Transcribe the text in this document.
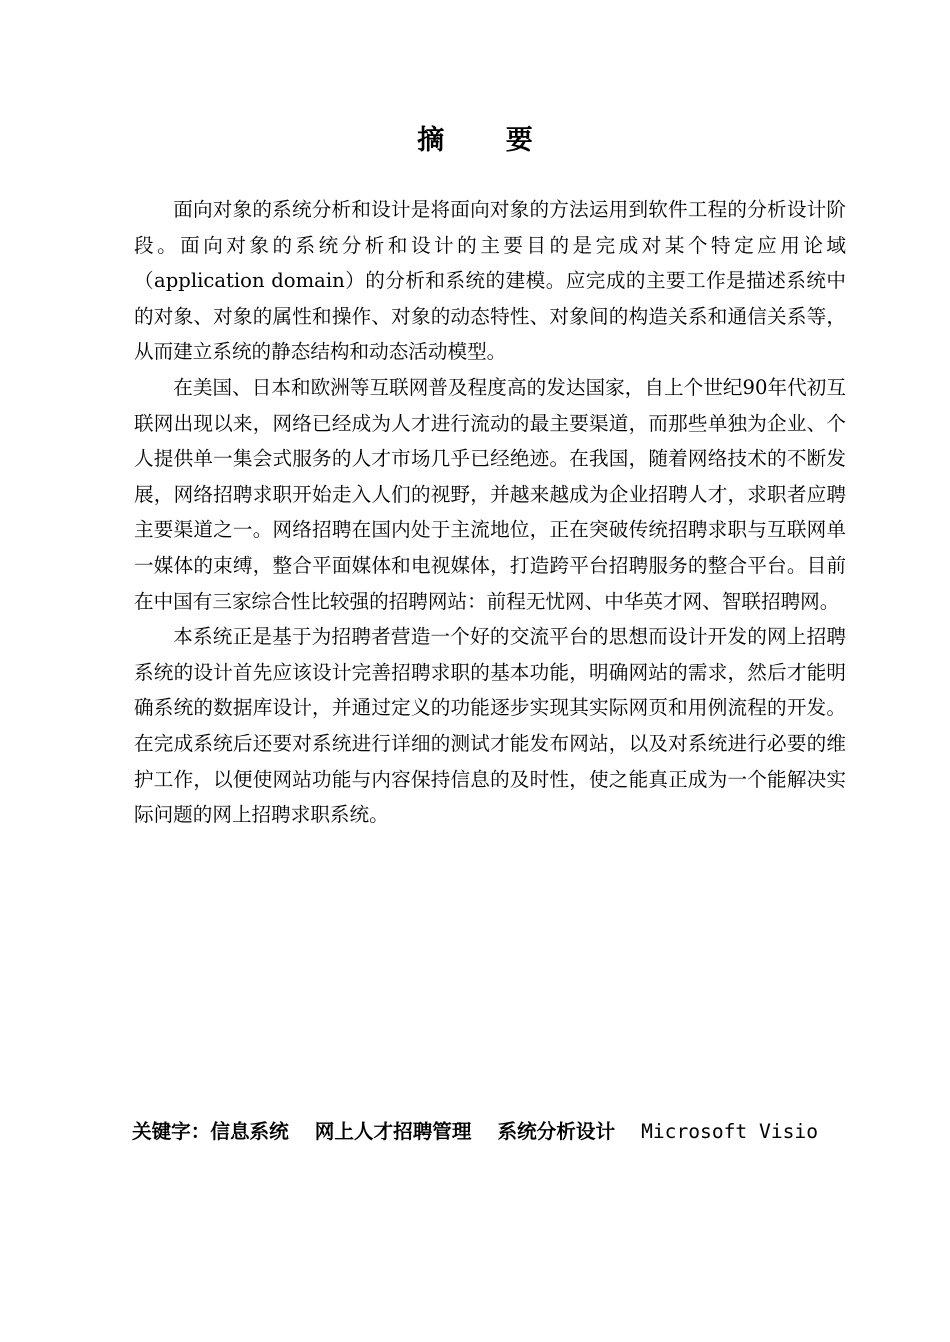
摘 要

面向对象的系统分析和设计是将面向对象的方法运用到软件工程的分析设计阶段。面向对象的系统分析和设计的主要目的是完成对某个特定应用论域（application domain）的分析和系统的建模。应完成的主要工作是描述系统中的对象、对象的属性和操作、对象的动态特性、对象间的构造关系和通信关系等，从而建立系统的静态结构和动态活动模型。

在美国、日本和欧洲等互联网普及程度高的发达国家，自上个世纪90年代初互联网出现以来，网络已经成为人才进行流动的最主要渠道，而那些单独为企业、个人提供单一集会式服务的人才市场几乎已经绝迹。在我国，随着网络技术的不断发展，网络招聘求职开始走入人们的视野，并越来越成为企业招聘人才，求职者应聘主要渠道之一。网络招聘在国内处于主流地位，正在突破传统招聘求职与互联网单一媒体的束缚，整合平面媒体和电视媒体，打造跨平台招聘服务的整合平台。目前在中国有三家综合性比较强的招聘网站：前程无忧网、中华英才网、智联招聘网。

本系统正是基于为招聘者营造一个好的交流平台的思想而设计开发的网上招聘系统的设计首先应该设计完善招聘求职的基本功能，明确网站的需求，然后才能明确系统的数据库设计，并通过定义的功能逐步实现其实际网页和用例流程的开发。在完成系统后还要对系统进行详细的测试才能发布网站，以及对系统进行必要的维护工作，以便使网站功能与内容保持信息的及时性，使之能真正成为一个能解决实际问题的网上招聘求职系统。

关键字：信息系统 网上人才招聘管理 系统分析设计 Microsoft Visio
